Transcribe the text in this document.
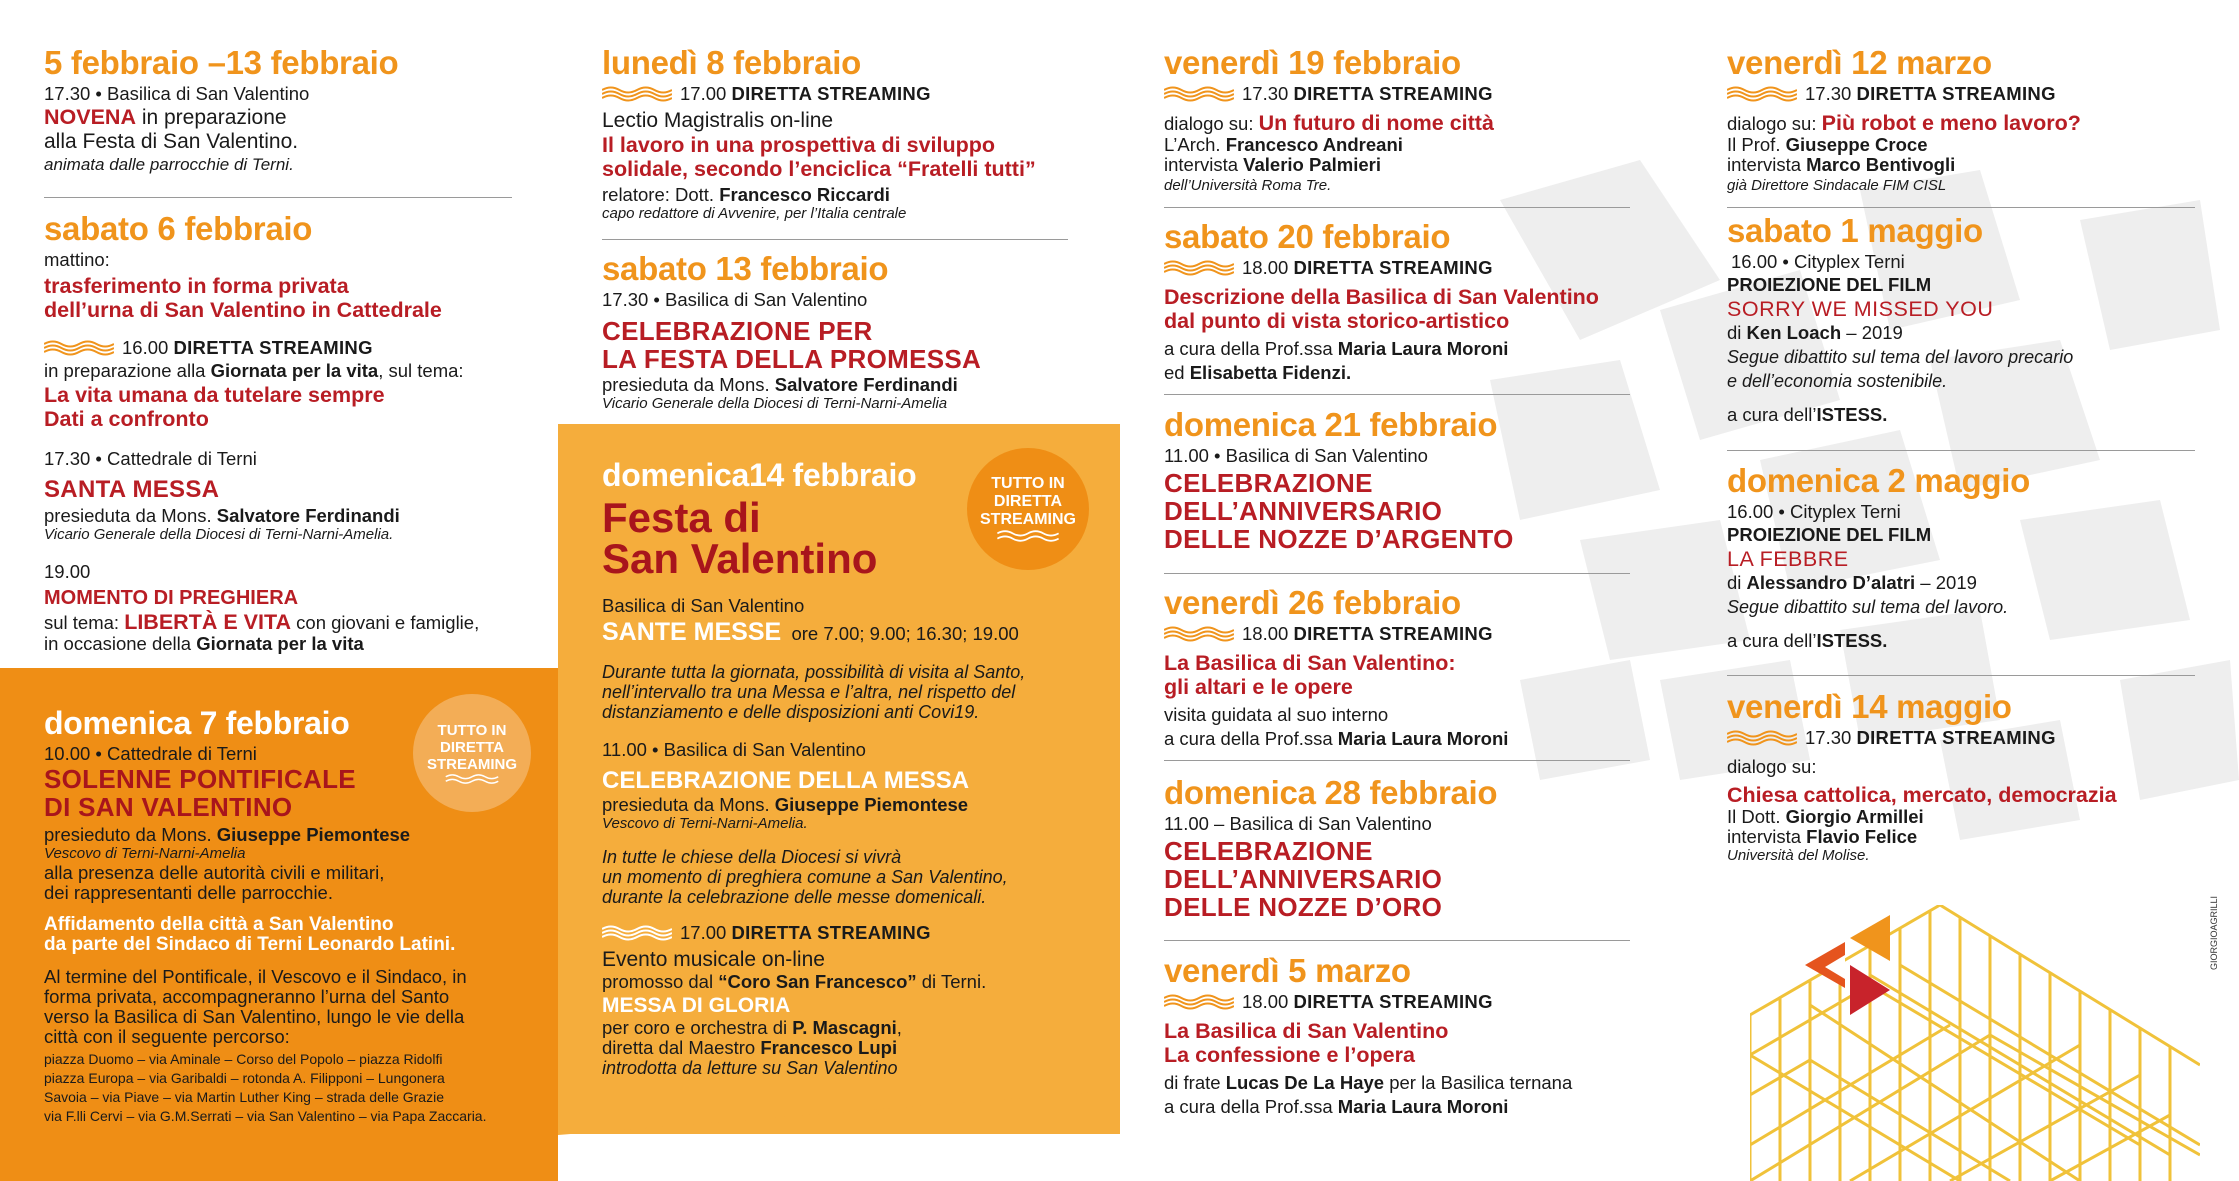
GIORGIOAGRILLI
5 febbraio –13 febbraio
17.30 • Basilica di San Valentino
NOVENA in preparazione
alla Festa di San Valentino.
animata dalle parrocchie di Terni.
sabato 6 febbraio
mattino:
trasferimento in forma privata
dell’urna di San Valentino in Cattedrale
16.00
DIRETTA STREAMING
in preparazione alla Giornata per la vita, sul tema:
La vita umana da tutelare sempre
Dati a confronto
17.30 • Cattedrale di Terni
SANTA MESSA
presieduta da Mons. Salvatore Ferdinandi
Vicario Generale della Diocesi di Terni-Narni-Amelia.
19.00
MOMENTO DI PREGHIERA
sul tema: LIBERTÀ E VITA con giovani e famiglie,
in occasione della Giornata per la vita
TUTTO IN
DIRETTA
STREAMING
domenica 7 febbraio
10.00 • Cattedrale di Terni
SOLENNE PONTIFICALE
DI SAN VALENTINO
presieduto da Mons. Giuseppe Piemontese
Vescovo di Terni-Narni-Amelia
alla presenza delle autorità civili e militari,
dei rappresentanti delle parrocchie.
Affidamento della città a San Valentino
da parte del Sindaco di Terni Leonardo Latini.
Al termine del Pontificale, il Vescovo e il Sindaco, in
forma privata, accompagneranno l’urna del Santo
verso la Basilica di San Valentino, lungo le vie della
città con il seguente percorso:
piazza Duomo – via Aminale – Corso del Popolo – piazza Ridolfi
piazza Europa – via Garibaldi – rotonda A. Filipponi – Lungonera
Savoia – via Piave – via Martin Luther King – strada delle Grazie
via F.lli Cervi – via G.M.Serrati – via San Valentino – via Papa Zaccaria.
lunedì 8 febbraio
17.00
DIRETTA STREAMING
Lectio Magistralis on-line
Il lavoro in una prospettiva di sviluppo
solidale, secondo l’enciclica “Fratelli tutti”
relatore: Dott. Francesco Riccardi
capo redattore di Avvenire, per l’Italia centrale
sabato 13 febbraio
17.30 • Basilica di San Valentino
CELEBRAZIONE PER
LA FESTA DELLA PROMESSA
presieduta da Mons. Salvatore Ferdinandi
Vicario Generale della Diocesi di Terni-Narni-Amelia
TUTTO IN
DIRETTA
STREAMING
domenica14 febbraio
Festa di
San Valentino
Basilica di San Valentino
SANTE MESSE ore 7.00; 9.00; 16.30; 19.00
Durante tutta la giornata, possibilità di visita al Santo,
nell’intervallo tra una Messa e l’altra, nel rispetto del
distanziamento e delle disposizioni anti Covi19.
11.00 • Basilica di San Valentino
CELEBRAZIONE DELLA MESSA
presieduta da Mons. Giuseppe Piemontese
Vescovo di Terni-Narni-Amelia.
In tutte le chiese della Diocesi si vivrà
un momento di preghiera comune a San Valentino,
durante la celebrazione delle messe domenicali.
17.00
DIRETTA STREAMING
Evento musicale on-line
promosso dal “Coro San Francesco” di Terni.
MESSA DI GLORIA
per coro e orchestra di P. Mascagni,
diretta dal Maestro Francesco Lupi
introdotta da letture su San Valentino
venerdì 19 febbraio
17.30
DIRETTA STREAMING
dialogo su: Un futuro di nome città
L’Arch. Francesco Andreani
intervista Valerio Palmieri
dell’Università Roma Tre.
sabato 20 febbraio
18.00
DIRETTA STREAMING
Descrizione della Basilica di San Valentino
dal punto di vista storico-artistico
a cura della Prof.ssa Maria Laura Moroni
ed Elisabetta Fidenzi.
domenica 21 febbraio
11.00 • Basilica di San Valentino
CELEBRAZIONE
DELL’ANNIVERSARIO
DELLE NOZZE D’ARGENTO
venerdì 26 febbraio
18.00
DIRETTA STREAMING
La Basilica di San Valentino:
gli altari e le opere
visita guidata al suo interno
a cura della Prof.ssa Maria Laura Moroni
domenica 28 febbraio
11.00 – Basilica di San Valentino
CELEBRAZIONE
DELL’ANNIVERSARIO
DELLE NOZZE D’ORO
venerdì 5 marzo
18.00
DIRETTA STREAMING
La Basilica di San Valentino
La confessione e l’opera
di frate Lucas De La Haye per la Basilica ternana
a cura della Prof.ssa Maria Laura Moroni
venerdì 12 marzo
17.30
DIRETTA STREAMING
dialogo su: Più robot e meno lavoro?
Il Prof. Giuseppe Croce
intervista Marco Bentivogli
già Direttore Sindacale FIM CISL
sabato 1 maggio
16.00 • Cityplex Terni
PROIEZIONE DEL FILM
SORRY WE MISSED YOU
di Ken Loach – 2019
Segue dibattito sul tema del lavoro precario
e dell’economia sostenibile.
a cura dell’ISTESS.
domenica 2 maggio
16.00 • Cityplex Terni
PROIEZIONE DEL FILM
LA FEBBRE
di Alessandro D’alatri – 2019
Segue dibattito sul tema del lavoro.
a cura dell’ISTESS.
venerdì 14 maggio
17.30
DIRETTA STREAMING
dialogo su:
Chiesa cattolica, mercato, democrazia
Il Dott. Giorgio Armillei
intervista Flavio Felice
Università del Molise.
